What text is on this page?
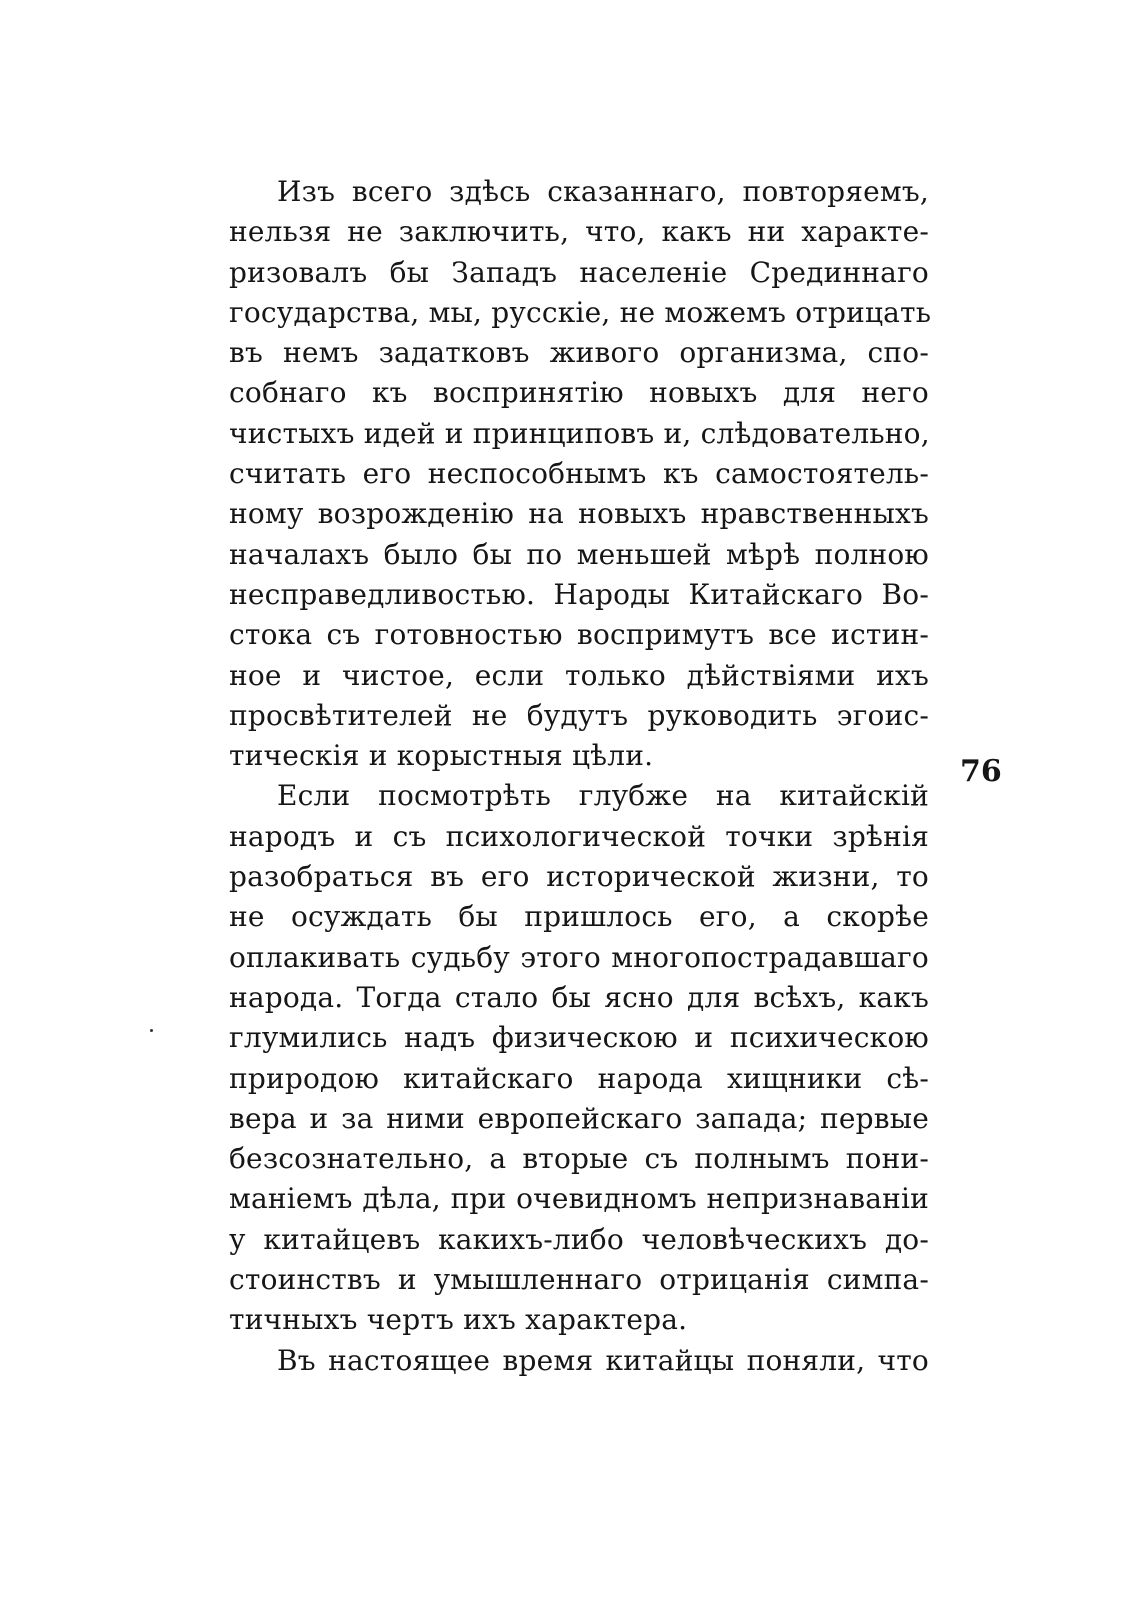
Изъ всего здѣсь сказаннаго, повторяемъ,
нельзя не заключить, что, какъ ни характе-
ризовалъ бы Западъ населеніе Срединнаго
государства, мы, русскіе, не можемъ отрицать
въ немъ задатковъ живого организма, спо-
собнаго къ воспринятію новыхъ для него
чистыхъ идей и принциповъ и, слѣдовательно,
считать его неспособнымъ къ самостоятель-
ному возрожденію на новыхъ нравственныхъ
началахъ было бы по меньшей мѣрѣ полною
несправедливостью. Народы Китайскаго Во-
стока съ готовностью воспримутъ все истин-
ное и чистое, если только дѣйствіями ихъ
просвѣтителей не будутъ руководить эгоис-
тическія и корыстныя цѣли.
Если посмотрѣть глубже на китайскій
народъ и съ психологической точки зрѣнія
разобраться въ его исторической жизни, то
не осуждать бы пришлось его, а скорѣе
оплакивать судьбу этого многопострадавшаго
народа. Тогда стало бы ясно для всѣхъ, какъ
глумились надъ физическою и психическою
природою китайскаго народа хищники сѣ-
вера и за ними европейскаго запада; первые
безсознательно, а вторые съ полнымъ пони-
маніемъ дѣла, при очевидномъ непризнаваніи
у китайцевъ какихъ-либо человѣческихъ до-
стоинствъ и умышленнаго отрицанія симпа-
тичныхъ чертъ ихъ характера.
Въ настоящее время китайцы поняли, что
76
